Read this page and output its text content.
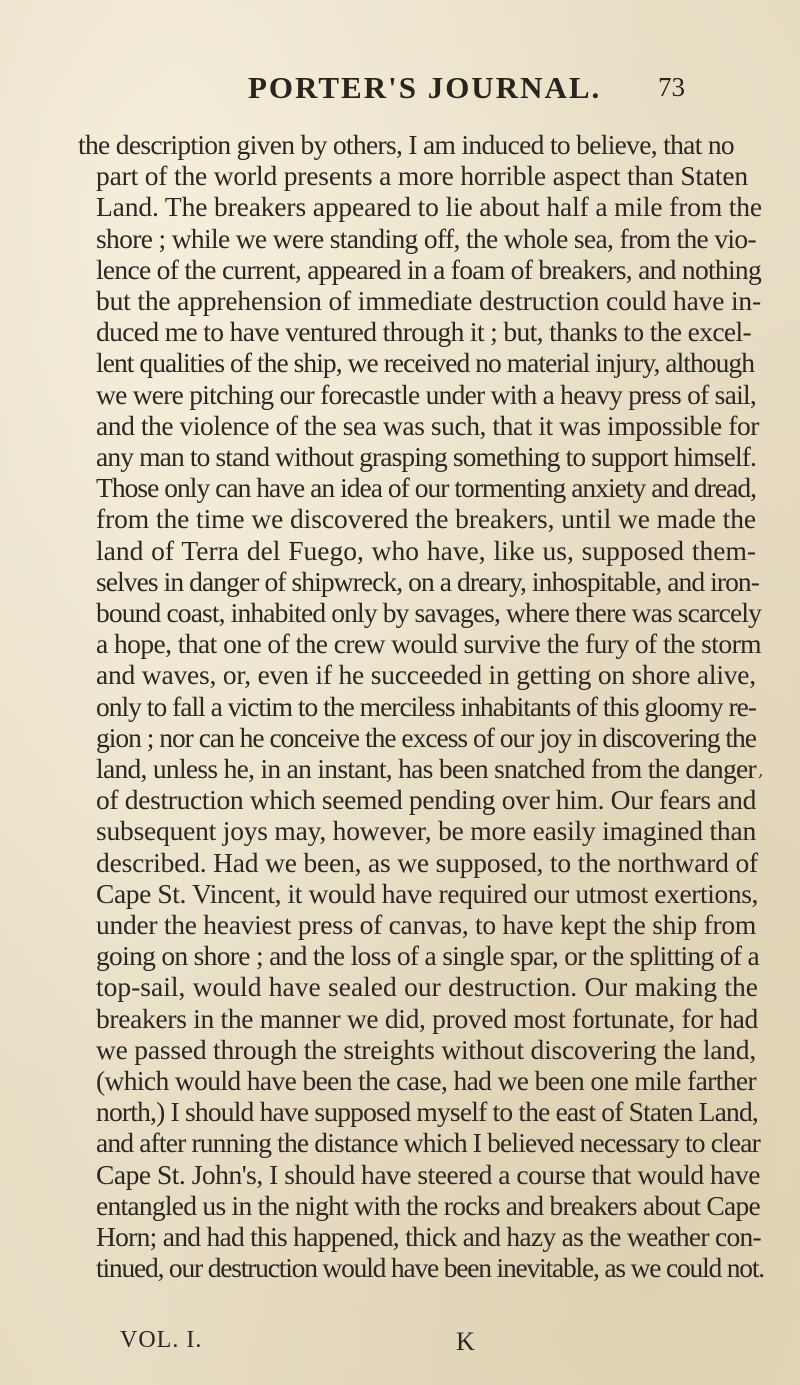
PORTER'S JOURNAL. 73
the description given by others, I am induced to believe, that no
part of the world presents a more horrible aspect than Staten
Land. The breakers appeared to lie about half a mile from the
shore ; while we were standing off, the whole sea, from the vio-
lence of the current, appeared in a foam of breakers, and nothing
but the apprehension of immediate destruction could have in-
duced me to have ventured through it ; but, thanks to the excel-
lent qualities of the ship, we received no material injury, although
we were pitching our forecastle under with a heavy press of sail,
and the violence of the sea was such, that it was impossible for
any man to stand without grasping something to support himself.
Those only can have an idea of our tormenting anxiety and dread,
from the time we discovered the breakers, until we made the
land of Terra del Fuego, who have, like us, supposed them-
selves in danger of shipwreck, on a dreary, inhospitable, and iron-
bound coast, inhabited only by savages, where there was scarcely
a hope, that one of the crew would survive the fury of the storm
and waves, or, even if he succeeded in getting on shore alive,
only to fall a victim to the merciless inhabitants of this gloomy re-
gion ; nor can he conceive the excess of our joy in discovering the
land, unless he, in an instant, has been snatched from the danger
of destruction which seemed pending over him. Our fears and
subsequent joys may, however, be more easily imagined than
described. Had we been, as we supposed, to the northward of
Cape St. Vincent, it would have required our utmost exertions,
under the heaviest press of canvas, to have kept the ship from
going on shore ; and the loss of a single spar, or the splitting of a
top-sail, would have sealed our destruction. Our making the
breakers in the manner we did, proved most fortunate, for had
we passed through the streights without discovering the land,
(which would have been the case, had we been one mile farther
north,) I should have supposed myself to the east of Staten Land,
and after running the distance which I believed necessary to clear
Cape St. John's, I should have steered a course that would have
entangled us in the night with the rocks and breakers about Cape
Horn; and had this happened, thick and hazy as the weather con-
tinued, our destruction would have been inevitable, as we could not.
,
VOL. I.	K
